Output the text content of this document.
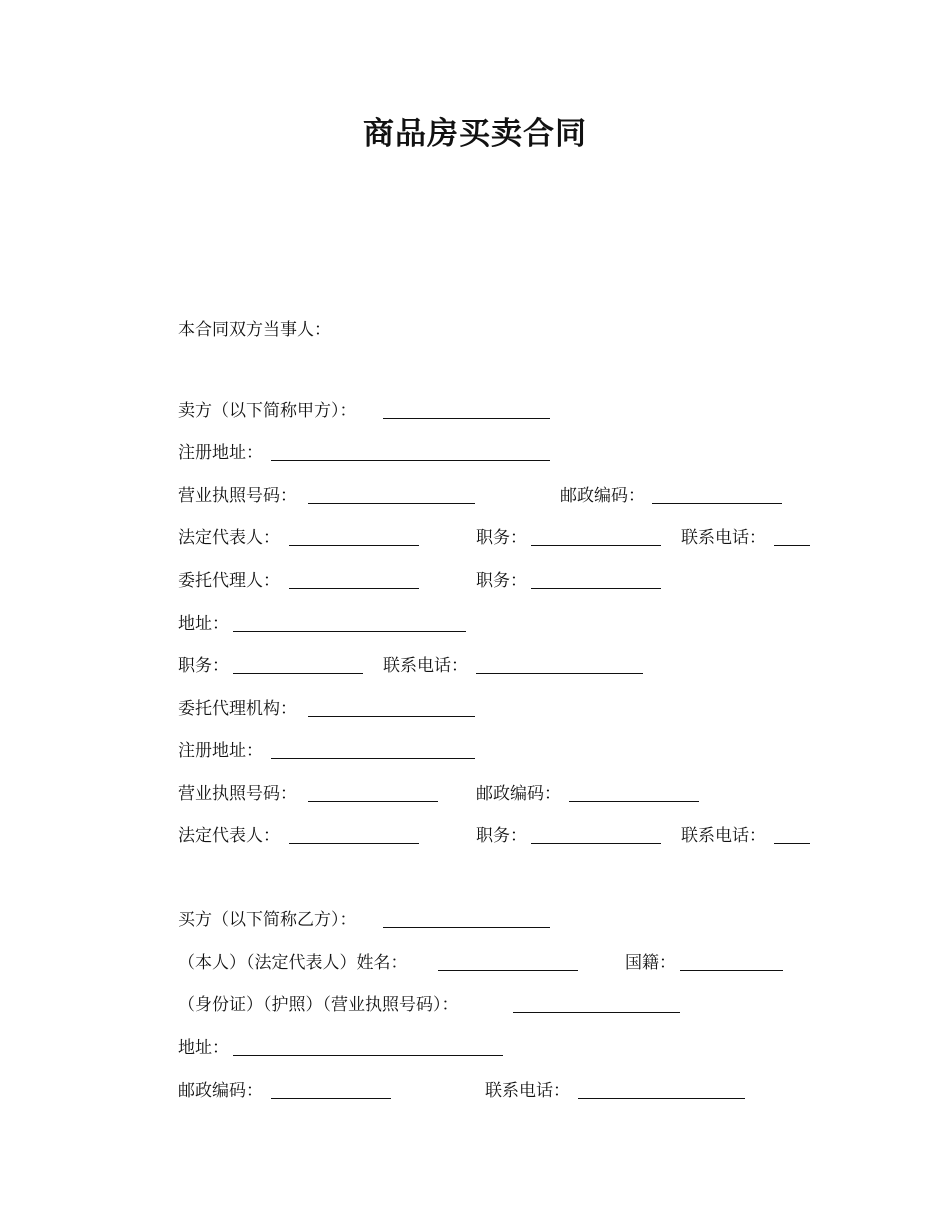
商品房买卖合同
本合同双方当事人：
卖方（以下简称甲方）：
注册地址：
营业执照号码：	邮政编码：
法定代表人：	职务：	联系电话：
委托代理人：	职务：
地址：
职务：	联系电话：
委托代理机构：
注册地址：
营业执照号码：	邮政编码：
法定代表人：	职务：	联系电话：
买方（以下简称乙方）：
（本人）（法定代表人）姓名：	国籍：
（身份证）（护照）（营业执照号码）：
地址：
邮政编码：	联系电话：
